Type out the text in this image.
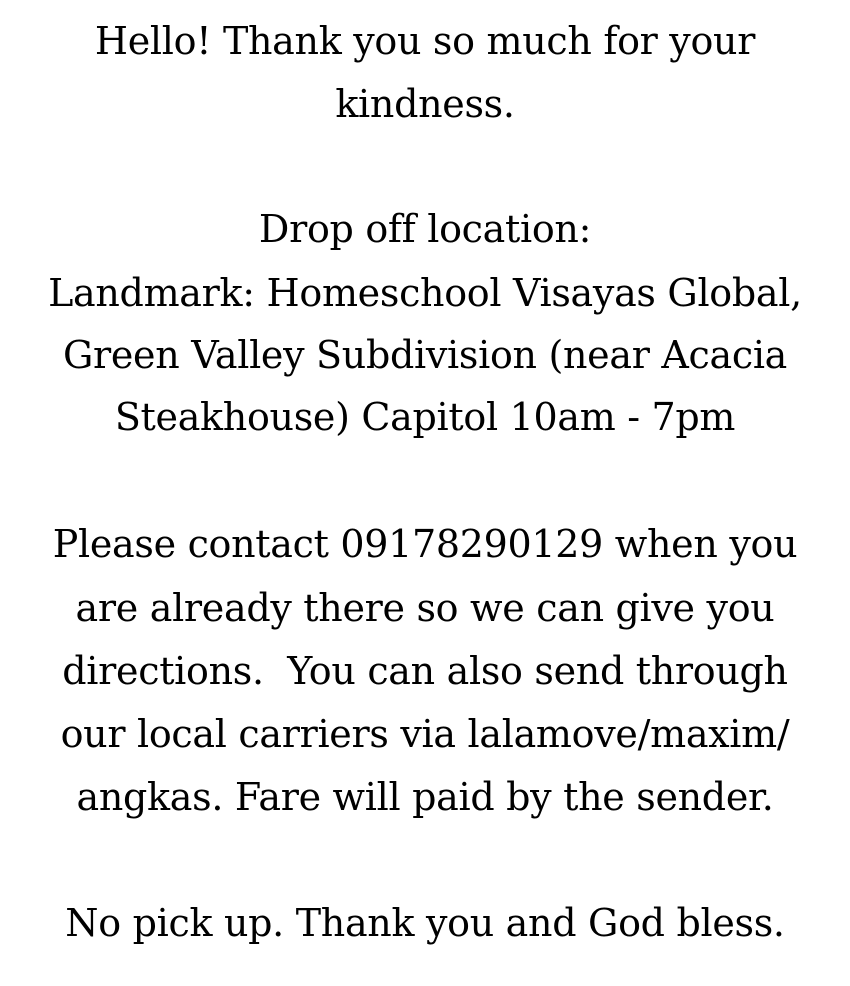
Hello! Thank you so much for your
kindness.
Drop off location:
Landmark: Homeschool Visayas Global,
Green Valley Subdivision (near Acacia
Steakhouse) Capitol 10am - 7pm
Please contact 09178290129 when you
are already there so we can give you
directions.  You can also send through
our local carriers via lalamove/maxim/
angkas. Fare will paid by the sender.
No pick up. Thank you and God bless.
